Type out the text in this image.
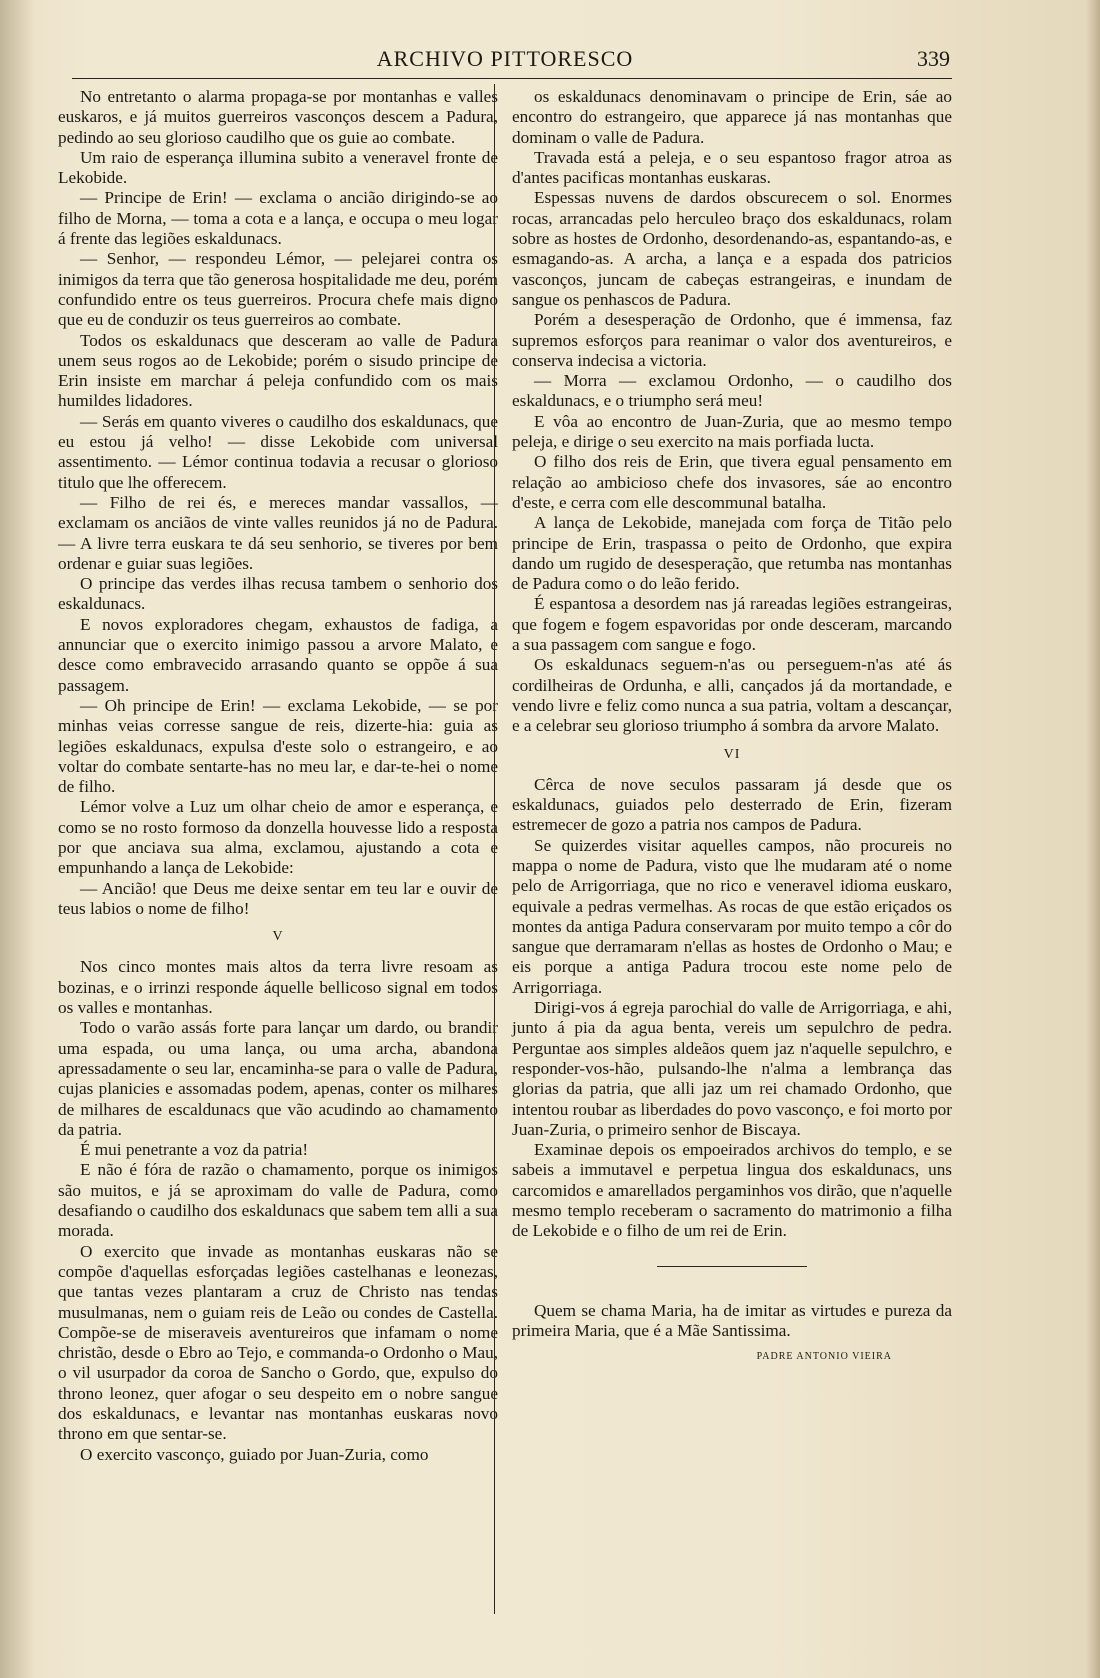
ARCHIVO PITTORESCO	339

No entretanto o alarma propaga-se por montanhas e valles euskaros, e já muitos guerreiros vasconços descem a Padura, pedindo ao seu glorioso caudilho que os guie ao combate.

Um raio de esperança illumina subito a veneravel fronte de Lekobide.

— Principe de Erin! — exclama o ancião dirigindo-se ao filho de Morna, — toma a cota e a lança, e occupa o meu logar á frente das legiões eskaldunacs.

— Senhor, — respondeu Lémor, — pelejarei contra os inimigos da terra que tão generosa hospitalidade me deu, porém confundido entre os teus guerreiros. Procura chefe mais digno que eu de conduzir os teus guerreiros ao combate.

Todos os eskaldunacs que desceram ao valle de Padura unem seus rogos ao de Lekobide; porém o sisudo principe de Erin insiste em marchar á peleja confundido com os mais humildes lidadores.

— Serás em quanto viveres o caudilho dos eskaldunacs, que eu estou já velho! — disse Lekobide com universal assentimento. — Lémor continua todavia a recusar o glorioso titulo que lhe offerecem.

— Filho de rei és, e mereces mandar vassallos, — exclamam os anciãos de vinte valles reunidos já no de Padura. — A livre terra euskara te dá seu senhorio, se tiveres por bem ordenar e guiar suas legiões.

O principe das verdes ilhas recusa tambem o senhorio dos eskaldunacs.

E novos exploradores chegam, exhaustos de fadiga, a annunciar que o exercito inimigo passou a arvore Malato, e desce como embravecido arrasando quanto se oppõe á sua passagem.

— Oh principe de Erin! — exclama Lekobide, — se por minhas veias corresse sangue de reis, dizerte-hia: guia as legiões eskaldunacs, expulsa d'este solo o estrangeiro, e ao voltar do combate sentarte-has no meu lar, e dar-te-hei o nome de filho.

Lémor volve a Luz um olhar cheio de amor e esperança, e como se no rosto formoso da donzella houvesse lido a resposta por que anciava sua alma, exclamou, ajustando a cota e empunhando a lança de Lekobide:

— Ancião! que Deus me deixe sentar em teu lar e ouvir de teus labios o nome de filho!

V

Nos cinco montes mais altos da terra livre resoam as bozinas, e o irrinzi responde áquelle bellicoso signal em todos os valles e montanhas.

Todo o varão assás forte para lançar um dardo, ou brandir uma espada, ou uma lança, ou uma archa, abandona apressadamente o seu lar, encaminha-se para o valle de Padura, cujas planicies e assomadas podem, apenas, conter os milhares de milhares de escaldunacs que vão acudindo ao chamamento da patria.

É mui penetrante a voz da patria!

E não é fóra de razão o chamamento, porque os inimigos são muitos, e já se aproximam do valle de Padura, como desafiando o caudilho dos eskaldunacs que sabem tem alli a sua morada.

O exercito que invade as montanhas euskaras não se compõe d'aquellas esforçadas legiões castelhanas e leonezas, que tantas vezes plantaram a cruz de Christo nas tendas musulmanas, nem o guiam reis de Leão ou condes de Castella. Compõe-se de miseraveis aventureiros que infamam o nome christão, desde o Ebro ao Tejo, e commanda-o Ordonho o Mau, o vil usurpador da coroa de Sancho o Gordo, que, expulso do throno leonez, quer afogar o seu despeito em o nobre sangue dos eskaldunacs, e levantar nas montanhas euskaras novo throno em que sentar-se.

O exercito vasconço, guiado por Juan-Zuria, como

os eskaldunacs denominavam o principe de Erin, sáe ao encontro do estrangeiro, que apparece já nas montanhas que dominam o valle de Padura.

Travada está a peleja, e o seu espantoso fragor atroa as d'antes pacificas montanhas euskaras.

Espessas nuvens de dardos obscurecem o sol. Enormes rocas, arrancadas pelo herculeo braço dos eskaldunacs, rolam sobre as hostes de Ordonho, desordenando-as, espantando-as, e esmagando-as. A archa, a lança e a espada dos patricios vasconços, juncam de cabeças estrangeiras, e inundam de sangue os penhascos de Padura.

Porém a desesperação de Ordonho, que é immensa, faz supremos esforços para reanimar o valor dos aventureiros, e conserva indecisa a victoria.

— Morra — exclamou Ordonho, — o caudilho dos eskaldunacs, e o triumpho será meu!

E vôa ao encontro de Juan-Zuria, que ao mesmo tempo peleja, e dirige o seu exercito na mais porfiada lucta.

O filho dos reis de Erin, que tivera egual pensamento em relação ao ambicioso chefe dos invasores, sáe ao encontro d'este, e cerra com elle descommunal batalha.

A lança de Lekobide, manejada com força de Titão pelo principe de Erin, traspassa o peito de Ordonho, que expira dando um rugido de desesperação, que retumba nas montanhas de Padura como o do leão ferido.

É espantosa a desordem nas já rareadas legiões estrangeiras, que fogem e fogem espavoridas por onde desceram, marcando a sua passagem com sangue e fogo.

Os eskaldunacs seguem-n'as ou perseguem-n'as até ás cordilheiras de Ordunha, e alli, cançados já da mortandade, e vendo livre e feliz como nunca a sua patria, voltam a descançar, e a celebrar seu glorioso triumpho á sombra da arvore Malato.

VI

Cêrca de nove seculos passaram já desde que os eskaldunacs, guiados pelo desterrado de Erin, fizeram estremecer de gozo a patria nos campos de Padura.

Se quizerdes visitar aquelles campos, não procureis no mappa o nome de Padura, visto que lhe mudaram até o nome pelo de Arrigorriaga, que no rico e veneravel idioma euskaro, equivale a pedras vermelhas. As rocas de que estão eriçados os montes da antiga Padura conservaram por muito tempo a côr do sangue que derramaram n'ellas as hostes de Ordonho o Mau; e eis porque a antiga Padura trocou este nome pelo de Arrigorriaga.

Dirigi-vos á egreja parochial do valle de Arrigorriaga, e ahi, junto á pia da agua benta, vereis um sepulchro de pedra. Perguntae aos simples aldeãos quem jaz n'aquelle sepulchro, e responder-vos-hão, pulsando-lhe n'alma a lembrança das glorias da patria, que alli jaz um rei chamado Ordonho, que intentou roubar as liberdades do povo vasconço, e foi morto por Juan-Zuria, o primeiro senhor de Biscaya.

Examinae depois os empoeirados archivos do templo, e se sabeis a immutavel e perpetua lingua dos eskaldunacs, uns carcomidos e amarellados pergaminhos vos dirão, que n'aquelle mesmo templo receberam o sacramento do matrimonio a filha de Lekobide e o filho de um rei de Erin.

Quem se chama Maria, ha de imitar as virtudes e pureza da primeira Maria, que é a Mãe Santissima.

PADRE ANTONIO VIEIRA
